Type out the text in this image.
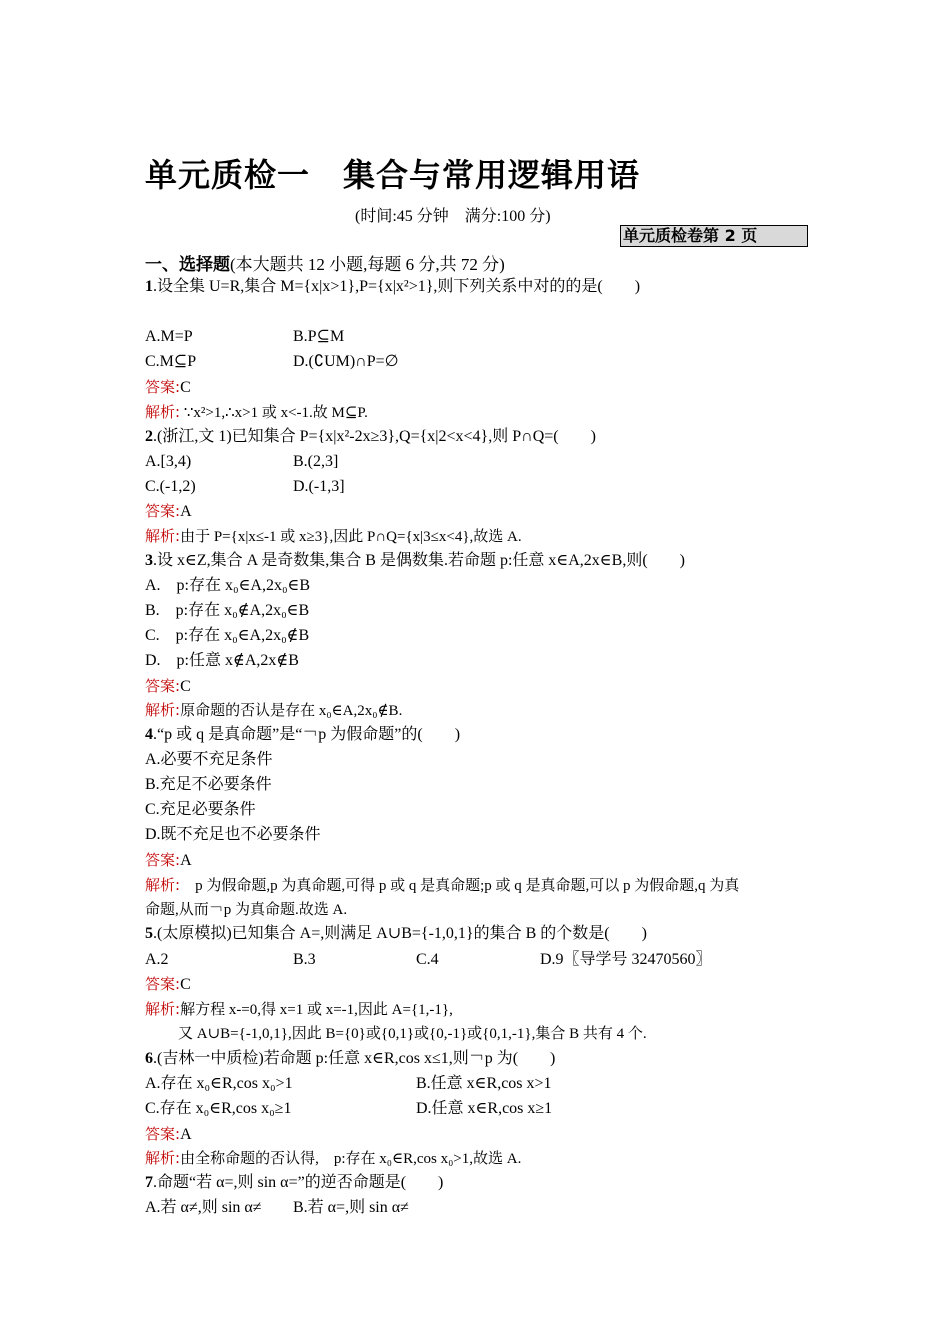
单元质检一　集合与常用逻辑用语
(时间:45 分钟　满分:100 分)
单元质检卷第 2 页
一、选择题(本大题共 12 小题,每题 6 分,共 72 分)
1.设全集 U=R,集合 M={x|x>1},P={x|x²>1},则下列关系中对的的是(　　)
A.M=P	B.P⊆M
C.M⊆P	D.(∁UM)∩P=∅
答案:C
解析: ∵x²>1,∴x>1 或 x<-1.故 M⊆P.
2.(浙江,文 1)已知集合 P={x|x²-2x≥3},Q={x|2<x<4},则 P∩Q=(　　)
A.[3,4)	B.(2,3]
C.(-1,2)	D.(-1,3]
答案:A
解析:由于 P={x|x≤-1 或 x≥3},因此 P∩Q={x|3≤x<4},故选 A.
3.设 x∈Z,集合 A 是奇数集,集合 B 是偶数集.若命题 p:任意 x∈A,2x∈B,则(　　)
A.　p:存在 x₀∈A,2x₀∈B
B.　p:存在 x₀∉A,2x₀∈B
C.　p:存在 x₀∈A,2x₀∉B
D.　p:任意 x∉A,2x∉B
答案:C
解析:原命题的否认是存在 x₀∈A,2x₀∉B.
4.“p 或 q 是真命题”是“￢p 为假命题”的(　　)
A.必要不充足条件
B.充足不必要条件
C.充足必要条件
D.既不充足也不必要条件
答案:A
解析:　p 为假命题,p 为真命题,可得 p 或 q 是真命题;p 或 q 是真命题,可以 p 为假命题,q 为真
命题,从而￢p 为真命题.故选 A.
5.(太原模拟)已知集合 A=,则满足 A∪B={-1,0,1}的集合 B 的个数是(　　)
A.2	B.3	C.4	D.9〖导学号 32470560〗
答案:C
解析:解方程 x-=0,得 x=1 或 x=-1,因此 A={1,-1},
又 A∪B={-1,0,1},因此 B={0}或{0,1}或{0,-1}或{0,1,-1},集合 B 共有 4 个.
6.(吉林一中质检)若命题 p:任意 x∈R,cos x≤1,则￢p 为(　　)
A.存在 x₀∈R,cos x₀>1	B.任意 x∈R,cos x>1
C.存在 x₀∈R,cos x₀≥1	D.任意 x∈R,cos x≥1
答案:A
解析:由全称命题的否认得,　p:存在 x₀∈R,cos x₀>1,故选 A.
7.命题“若 α=,则 sin α=”的逆否命题是(　　)
A.若 α≠,则 sin α≠ B.若 α=,则 sin α≠
